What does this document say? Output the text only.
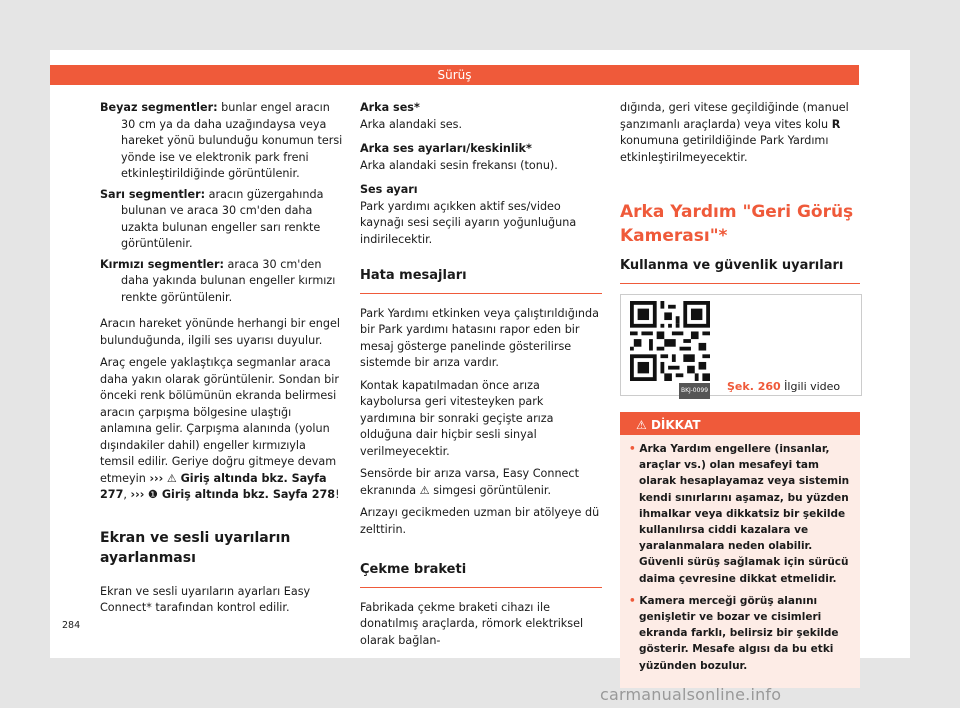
Sürüş
Beyaz segmentler: bunlar engel aracın 30 cm ya da daha uzağındaysa veya hareket yönü bulunduğu konumun tersi yönde ise ve elektronik park freni etkinleştirildiğinde görüntülenir.
Sarı segmentler: aracın güzergahında bulunan ve araca 30 cm'den daha uzakta bulunan engeller sarı renkte görüntülenir.
Kırmızı segmentler: araca 30 cm'den daha yakında bulunan engeller kırmızı renkte görüntülenir.

Aracın hareket yönünde herhangi bir engel bulunduğunda, ilgili ses uyarısı duyulur.

Araç engele yaklaştıkça segmanlar araca daha yakın olarak görüntülenir. Sondan bir önceki renk bölümünün ekranda belirmesi aracın çarpışma bölgesine ulaştığı anlamına gelir. Çarpışma alanında (yolun dışındakiler dahil) engeller kırmızıyla temsil edilir. Geriye doğru gitmeye devam etmeyin ››› ⚠ Giriş altında bkz. Sayfa 277, ››› ❶ Giriş altında bkz. Sayfa 278!

Ekran ve sesli uyarıların ayarlanması

Ekran ve sesli uyarıların ayarları Easy Connect* tarafından kontrol edilir.

Arka ses*

Arka alandaki ses.

Arka ses ayarları/keskinlik*

Arka alandaki sesin frekansı (tonu).

Ses ayarı

Park yardımı açıkken aktif ses/video kaynağı sesi seçili ayarın yoğunluğuna indirilecektir.

Hata mesajları

Park Yardımı etkinken veya çalıştırıldığında bir Park yardımı hatasını rapor eden bir mesaj gösterge panelinde gösterilirse sistemde bir arıza vardır.

Kontak kapatılmadan önce arıza kaybolursa geri vitesteyken park yardımına bir sonraki geçişte arıza olduğuna dair hiçbir sesli sinyal verilmeyecektir.

Sensörde bir arıza varsa, Easy Connect ekranında ⚠ simgesi görüntülenir.

Arızayı gecikmeden uzman bir atölyeye dü zelttirin.

Çekme braketi

Fabrikada çekme braketi cihazı ile donatılmış araçlarda, römork elektriksel olarak bağlan-

dığında, geri vitese geçildiğinde (manuel şanzımanlı araçlarda) veya vites kolu R konumuna getirildiğinde Park Yardımı etkinleştirilmeyecektir.

Arka Yardım "Geri Görüş Kamerası"*
Kullanma ve güvenlik uyarıları
BKJ-0099 Şek. 260 İlgili video
⚠ DİKKAT
• Arka Yardım engellere (insanlar, araçlar vs.) olan mesafeyi tam olarak hesaplayamaz veya sistemin kendi sınırlarını aşamaz, bu yüzden ihmalkar veya dikkatsiz bir şekilde kullanılırsa ciddi kazalara ve yaralanmalara neden olabilir. Güvenli sürüş sağlamak için sürücü daima çevresine dikkat etmelidir.
• Kamera merceği görüş alanını genişletir ve bozar ve cisimleri ekranda farklı, belirsiz bir şekilde gösterir. Mesafe algısı da bu etki yüzünden bozulur.
284
carmanualsonline.info
